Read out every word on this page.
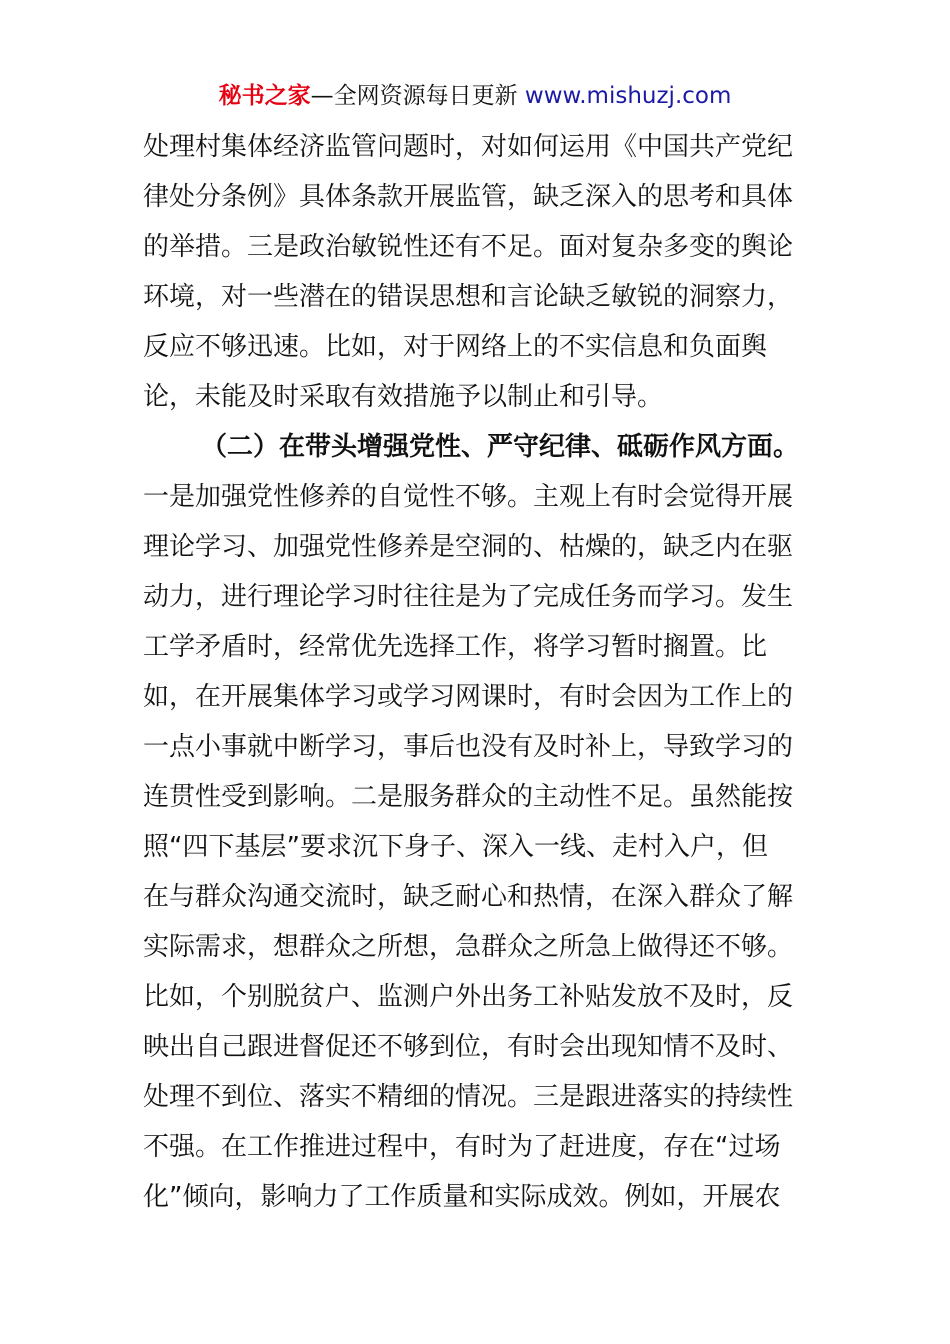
秘书之家—全网资源每日更新 www.mishuzj.com
处理村集体经济监管问题时，对如何运用《中国共产党纪
律处分条例》具体条款开展监管，缺乏深入的思考和具体
的举措。三是政治敏锐性还有不足。面对复杂多变的舆论
环境，对一些潜在的错误思想和言论缺乏敏锐的洞察力，
反应不够迅速。比如，对于网络上的不实信息和负面舆
论，未能及时采取有效措施予以制止和引导。
（二）在带头增强党性、严守纪律、砥砺作风方面。
一是加强党性修养的自觉性不够。主观上有时会觉得开展
理论学习、加强党性修养是空洞的、枯燥的，缺乏内在驱
动力，进行理论学习时往往是为了完成任务而学习。发生
工学矛盾时，经常优先选择工作，将学习暂时搁置。比
如，在开展集体学习或学习网课时，有时会因为工作上的
一点小事就中断学习，事后也没有及时补上，导致学习的
连贯性受到影响。二是服务群众的主动性不足。虽然能按
照“四下基层”要求沉下身子、深入一线、走村入户，但
在与群众沟通交流时，缺乏耐心和热情，在深入群众了解
实际需求，想群众之所想，急群众之所急上做得还不够。
比如，个别脱贫户、监测户外出务工补贴发放不及时，反
映出自己跟进督促还不够到位，有时会出现知情不及时、
处理不到位、落实不精细的情况。三是跟进落实的持续性
不强。在工作推进过程中，有时为了赶进度，存在“过场
化”倾向，影响力了工作质量和实际成效。例如，开展农
